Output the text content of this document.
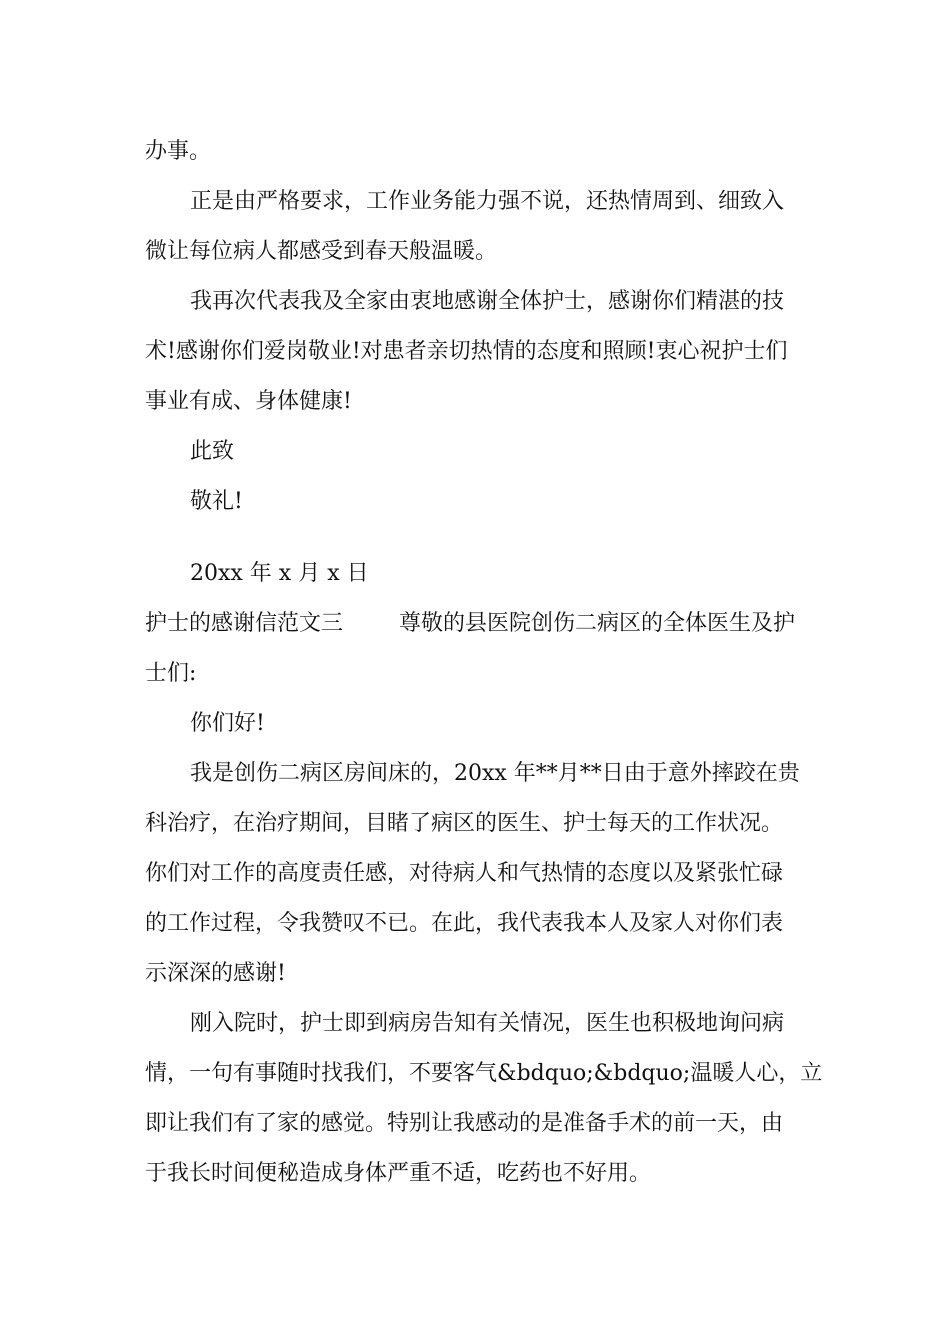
办事。
正是由严格要求，工作业务能力强不说，还热情周到、细致入
微让每位病人都感受到春天般温暖。
我再次代表我及全家由衷地感谢全体护士，感谢你们精湛的技
术!感谢你们爱岗敬业!对患者亲切热情的态度和照顾!衷心祝护士们
事业有成、身体健康!
此致
敬礼!
20xx 年 x 月 x 日
护士的感谢信范文三        尊敬的县医院创伤二病区的全体医生及护
士们:
你们好!
我是创伤二病区房间床的，20xx 年**月**日由于意外摔跤在贵
科治疗，在治疗期间，目睹了病区的医生、护士每天的工作状况。
你们对工作的高度责任感，对待病人和气热情的态度以及紧张忙碌
的工作过程，令我赞叹不已。在此，我代表我本人及家人对你们表
示深深的感谢!
刚入院时，护士即到病房告知有关情况，医生也积极地询问病
情，一句有事随时找我们，不要客气&bdquo;&bdquo;温暖人心，立
即让我们有了家的感觉。特别让我感动的是准备手术的前一天，由
于我长时间便秘造成身体严重不适，吃药也不好用。
